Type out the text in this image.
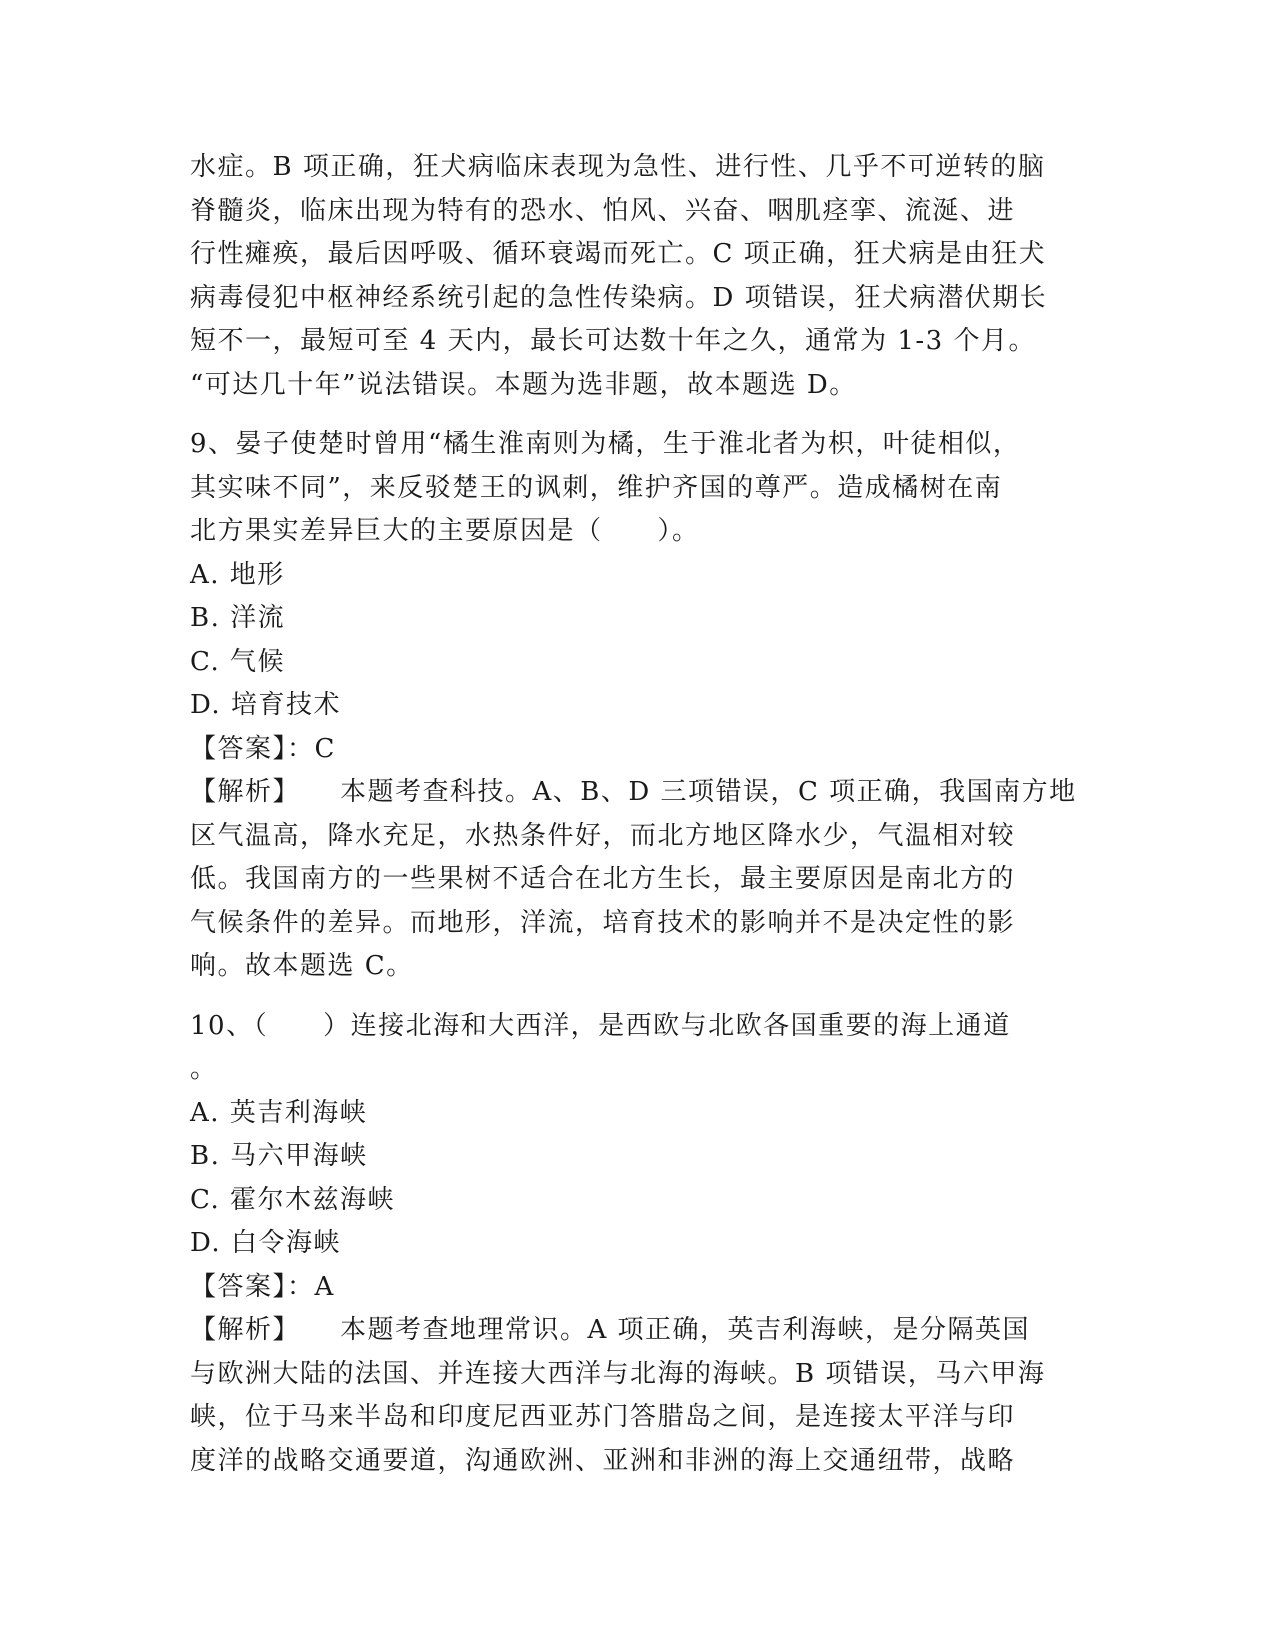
水症。B 项正确，狂犬病临床表现为急性、进行性、几乎不可逆转的脑
脊髓炎，临床出现为特有的恐水、怕风、兴奋、咽肌痉挛、流涎、进
行性瘫痪，最后因呼吸、循环衰竭而死亡。C 项正确，狂犬病是由狂犬
病毒侵犯中枢神经系统引起的急性传染病。D 项错误，狂犬病潜伏期长
短不一，最短可至 4 天内，最长可达数十年之久，通常为 1-3 个月。
“可达几十年”说法错误。本题为选非题，故本题选 D。
9、晏子使楚时曾用“橘生淮南则为橘，生于淮北者为枳，叶徒相似，
其实味不同”，来反驳楚王的讽刺，维护齐国的尊严。造成橘树在南
北方果实差异巨大的主要原因是（　　）。
A. 地形
B. 洋流
C. 气候
D. 培育技术
【答案】：C
【解析】 本题考查科技。A、B、D 三项错误，C 项正确，我国南方地
区气温高，降水充足，水热条件好，而北方地区降水少，气温相对较
低。我国南方的一些果树不适合在北方生长，最主要原因是南北方的
气候条件的差异。而地形，洋流，培育技术的影响并不是决定性的影
响。故本题选 C。
10、（　　）连接北海和大西洋，是西欧与北欧各国重要的海上通道
。
A. 英吉利海峡
B. 马六甲海峡
C. 霍尔木兹海峡
D. 白令海峡
【答案】：A
【解析】 本题考查地理常识。A 项正确，英吉利海峡，是分隔英国
与欧洲大陆的法国、并连接大西洋与北海的海峡。B 项错误，马六甲海
峡，位于马来半岛和印度尼西亚苏门答腊岛之间，是连接太平洋与印
度洋的战略交通要道，沟通欧洲、亚洲和非洲的海上交通纽带，战略
